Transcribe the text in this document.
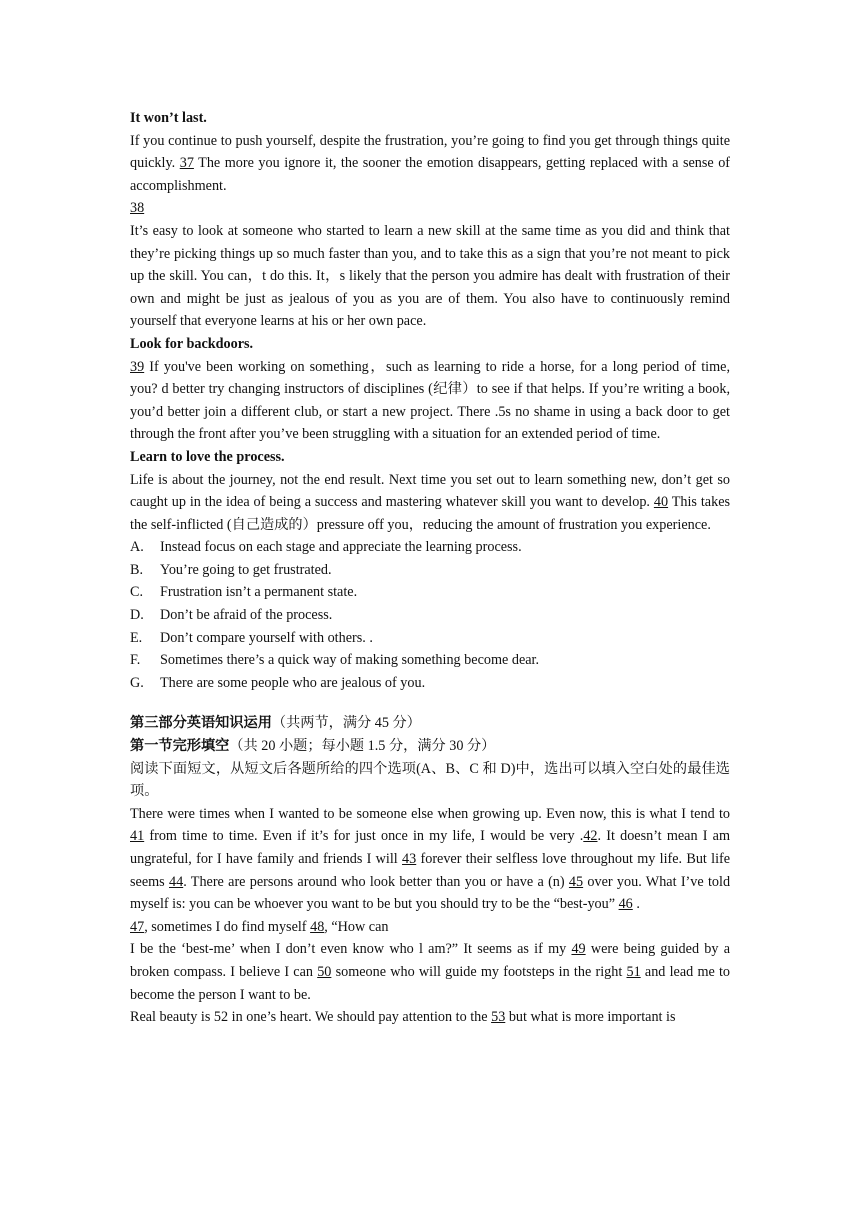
It won’t last.

If you continue to push yourself, despite the frustration, you’re going to find you get through things quite quickly. 37 The more you ignore it, the sooner the emotion disappears, getting replaced with a sense of accomplishment.

38

It’s easy to look at someone who started to learn a new skill at the same time as you did and think that they’re picking things up so much faster than you, and to take this as a sign that you’re not meant to pick up the skill. You can，t do this. It，s likely that the person you admire has dealt with frustration of their own and might be just as jealous of you as you are of them. You also have to continuously remind yourself that everyone learns at his or her own pace.

Look for backdoors.

39 If you've been working on something，such as learning to ride a horse, for a long period of time, you? d better try changing instructors of disciplines (纪律）to see if that helps. If you’re writing a book, you’d better join a different club, or start a new project. There .5s no shame in using a back door to get through the front after you’ve been struggling with a situation for an extended period of time.

Learn to love the process.

Life is about the journey, not the end result. Next time you set out to learn something new, don’t get so caught up in the idea of being a success and mastering whatever skill you want to develop. 40 This takes the self-inflicted (自己造成的）pressure off you，reducing the amount of frustration you experience.

A.	Instead focus on each stage and appreciate the learning process.

B.	You’re going to get frustrated.

C.	Frustration isn’t a permanent state.

D.	Don’t be afraid of the process.

E.	Don’t compare yourself with others. .

F.	Sometimes there’s a quick way of making something become dear.

G.	There are some people who are jealous of you.

第三部分英语知识运用（共两节，满分 45 分）

第一节完形填空（共 20 小题；每小题 1.5 分，满分 30 分）

阅读下面短文，从短文后各题所给的四个选项(A、B、C 和 D)中，选出可以填入空白处的最佳选项。

There were times when I wanted to be someone else when growing up. Even now, this is what I tend to 41 from time to time. Even if it’s for just once in my life, I would be very .42. It doesn’t mean I am ungrateful, for I have family and friends I will 43 forever their selfless love throughout my life. But life seems 44. There are persons around who look better than you or have a (n) 45 over you. What I’ve told myself is: you can be whoever you want to be but you should try to be the “best-you” 46 .

47, sometimes I do find myself 48, “How can

I be the ‘best-me’ when I don’t even know who l am?” It seems as if my 49 were being guided by a broken compass. I believe I can 50 someone who will guide my footsteps in the right 51 and lead me to become the person I want to be.

Real beauty is 52 in one’s heart. We should pay attention to the 53 but what is more important is
